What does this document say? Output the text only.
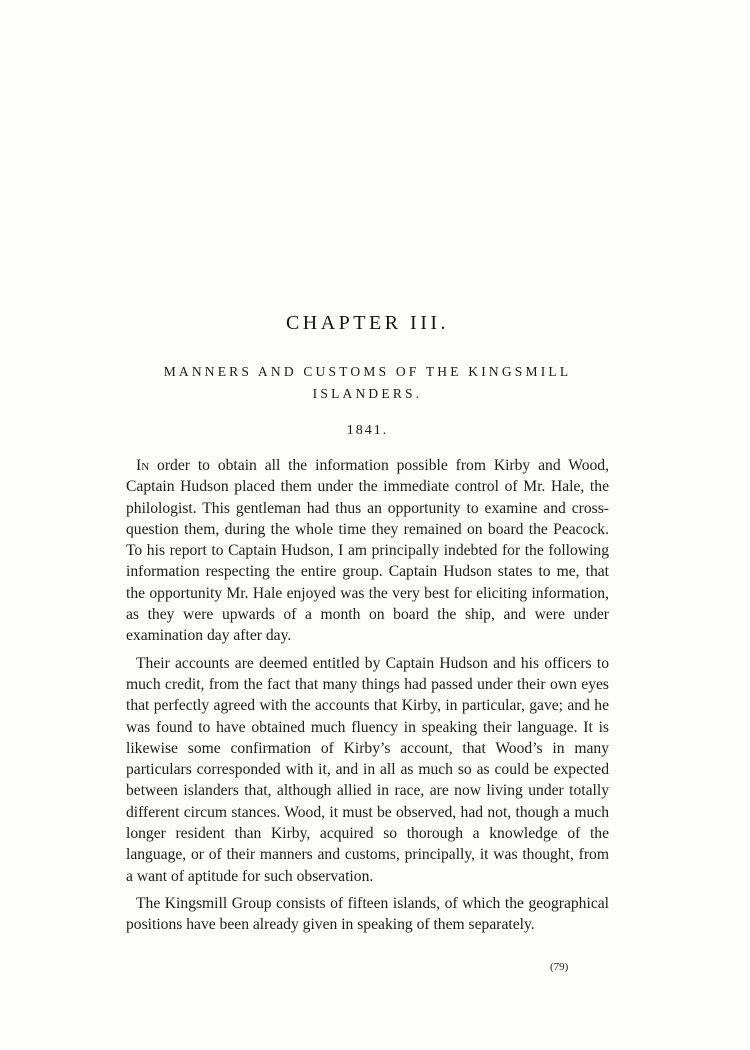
CHAPTER III.
MANNERS AND CUSTOMS OF THE KINGSMILL ISLANDERS.
1841.

In order to obtain all the information possible from Kirby and Wood, Captain Hudson placed them under the immediate control of Mr. Hale, the philologist. This gentleman had thus an opportunity to examine and cross-question them, during the whole time they remained on board the Peacock. To his report to Captain Hudson, I am principally indebted for the following information respecting the entire group. Captain Hudson states to me, that the opportunity Mr. Hale enjoyed was the very best for eliciting information, as they were upwards of a month on board the ship, and were under examination day after day.

Their accounts are deemed entitled by Captain Hudson and his officers to much credit, from the fact that many things had passed under their own eyes that perfectly agreed with the accounts that Kirby, in particular, gave; and he was found to have obtained much fluency in speaking their language. It is likewise some confirmation of Kirby’s account, that Wood’s in many particulars corresponded with it, and in all as much so as could be expected between islanders that, although allied in race, are now living under totally different circum stances. Wood, it must be observed, had not, though a much longer resident than Kirby, acquired so thorough a knowledge of the language, or of their manners and customs, principally, it was thought, from a want of aptitude for such observation.

The Kingsmill Group consists of fifteen islands, of which the geographical positions have been already given in speaking of them separately.

(79)
